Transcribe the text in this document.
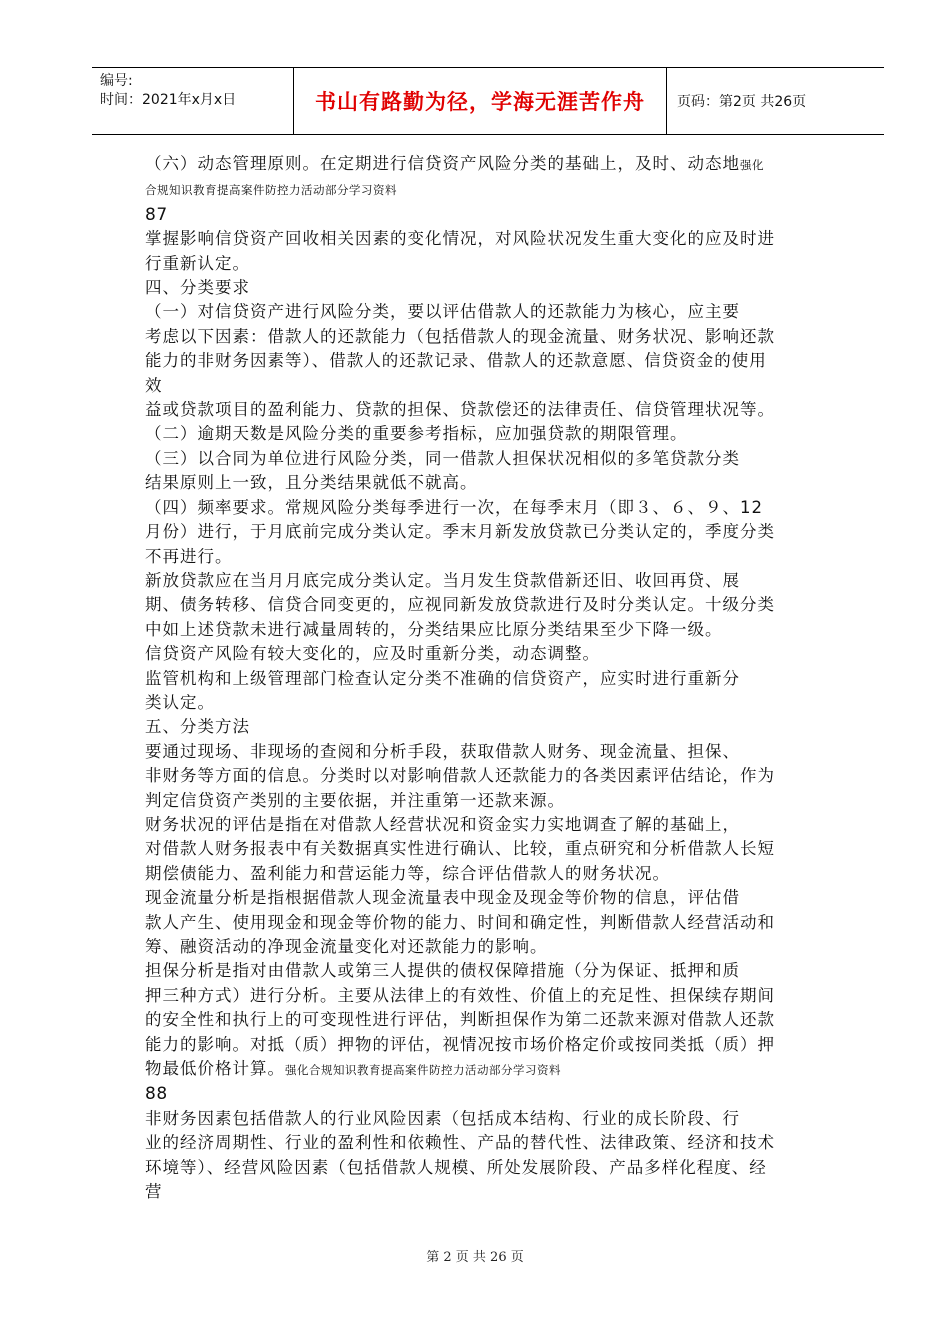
编号:
时间：2021年x月x日	书山有路勤为径，学海无涯苦作舟 页码：第2页 共26页
（六）动态管理原则。在定期进行信贷资产风险分类的基础上，及时、动态地强化
合规知识教育提高案件防控力活动部分学习资料
87
掌握影响信贷资产回收相关因素的变化情况，对风险状况发生重大变化的应及时进
行重新认定。
四、分类要求
（一）对信贷资产进行风险分类，要以评估借款人的还款能力为核心，应主要
考虑以下因素：借款人的还款能力（包括借款人的现金流量、财务状况、影响还款
能力的非财务因素等）、借款人的还款记录、借款人的还款意愿、信贷资金的使用
效
益或贷款项目的盈利能力、贷款的担保、贷款偿还的法律责任、信贷管理状况等。
（二）逾期天数是风险分类的重要参考指标，应加强贷款的期限管理。
（三）以合同为单位进行风险分类，同一借款人担保状况相似的多笔贷款分类
结果原则上一致，且分类结果就低不就高。
（四）频率要求。常规风险分类每季进行一次，在每季末月（即３、６、９、12
月份）进行，于月底前完成分类认定。季末月新发放贷款已分类认定的，季度分类
不再进行。
新放贷款应在当月月底完成分类认定。当月发生贷款借新还旧、收回再贷、展
期、债务转移、信贷合同变更的，应视同新发放贷款进行及时分类认定。十级分类
中如上述贷款未进行减量周转的，分类结果应比原分类结果至少下降一级。
信贷资产风险有较大变化的，应及时重新分类，动态调整。
监管机构和上级管理部门检查认定分类不准确的信贷资产，应实时进行重新分
类认定。
五、分类方法
要通过现场、非现场的查阅和分析手段，获取借款人财务、现金流量、担保、
非财务等方面的信息。分类时以对影响借款人还款能力的各类因素评估结论，作为
判定信贷资产类别的主要依据，并注重第一还款来源。
财务状况的评估是指在对借款人经营状况和资金实力实地调查了解的基础上，
对借款人财务报表中有关数据真实性进行确认、比较，重点研究和分析借款人长短
期偿债能力、盈利能力和营运能力等，综合评估借款人的财务状况。
现金流量分析是指根据借款人现金流量表中现金及现金等价物的信息，评估借
款人产生、使用现金和现金等价物的能力、时间和确定性，判断借款人经营活动和
筹、融资活动的净现金流量变化对还款能力的影响。
担保分析是指对由借款人或第三人提供的债权保障措施（分为保证、抵押和质
押三种方式）进行分析。主要从法律上的有效性、价值上的充足性、担保续存期间
的安全性和执行上的可变现性进行评估，判断担保作为第二还款来源对借款人还款
能力的影响。对抵（质）押物的评估，视情况按市场价格定价或按同类抵（质）押
物最低价格计算。强化合规知识教育提高案件防控力活动部分学习资料
88
非财务因素包括借款人的行业风险因素（包括成本结构、行业的成长阶段、行
业的经济周期性、行业的盈利性和依赖性、产品的替代性、法律政策、经济和技术
环境等）、经营风险因素（包括借款人规模、所处发展阶段、产品多样化程度、经
营
第 2 页 共 26 页
